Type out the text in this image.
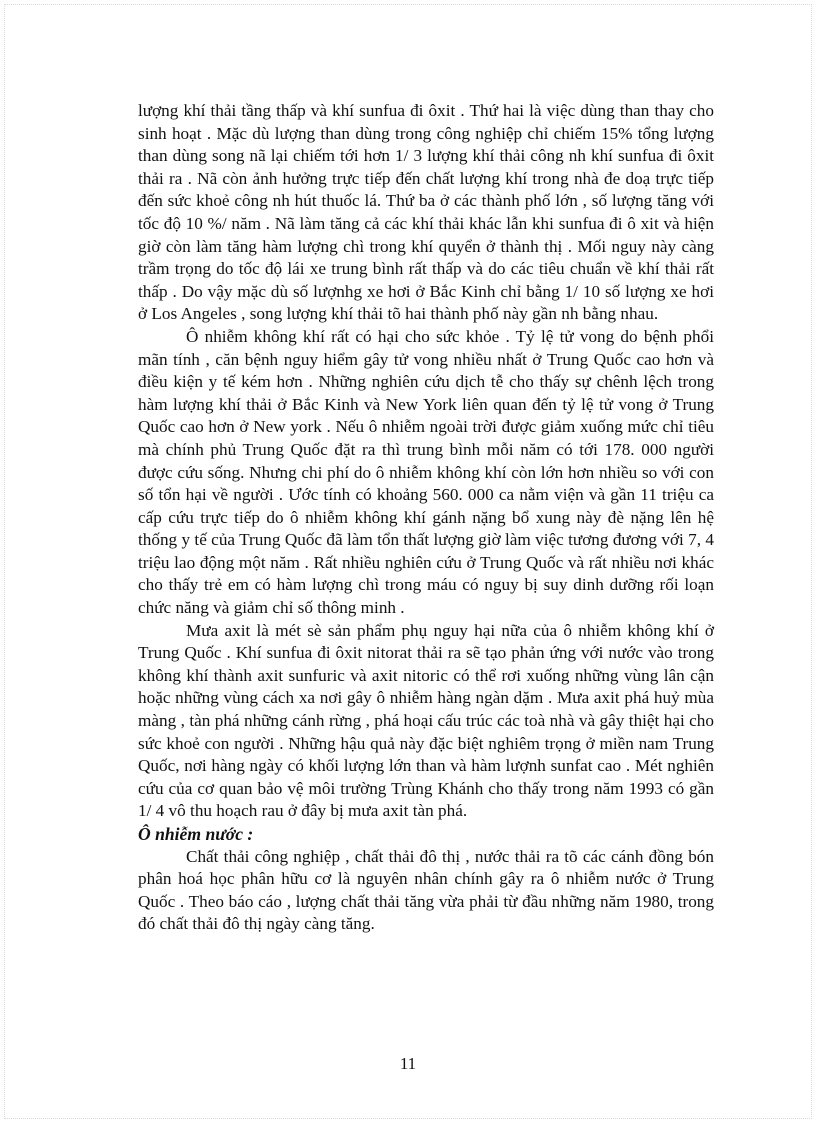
lượng khí thải tầng thấp và khí sunfua đi ôxit . Thứ hai là việc dùng than thay cho sinh hoạt . Mặc dù lượng than dùng trong công nghiệp chỉ chiếm 15% tổng lượng than dùng song nã lại chiếm tới hơn 1/ 3 lượng khí thải công nh khí sunfua đi ôxit thải ra . Nã còn ảnh hưởng trực tiếp đến chất lượng khí trong nhà đe doạ trực tiếp đến sức khoẻ công nh hút thuốc lá. Thứ ba ở các thành phố lớn , số lượng tăng với tốc độ 10 %/ năm . Nã làm tăng cả các khí thải khác lẫn khi sunfua đi ô xit và hiện giờ còn làm tăng hàm lượng chì trong khí quyển ở thành thị . Mối nguy này càng trầm trọng do tốc độ lái xe trung bình rất thấp và do các tiêu chuẩn về khí thải rất thấp . Do vậy mặc dù số lượnhg xe hơi ở Bắc Kinh chỉ bằng 1/ 10 số lượng xe hơi ở Los Angeles , song lượng khí thải tõ hai thành phố này gần nh bằng nhau.

Ô nhiễm không khí rất có hại cho sức khỏe . Tỷ lệ tử vong do bệnh phổi mãn tính , căn bệnh nguy hiểm gây tử vong nhiều nhất ở Trung Quốc cao hơn và điều kiện y tế kém hơn . Những nghiên cứu dịch tễ cho thấy sự chênh lệch trong hàm lượng khí thải ở Bắc Kinh và New York liên quan đến tỷ lệ tử vong ở Trung Quốc cao hơn ở New york . Nếu ô nhiễm ngoài trời được giảm xuống mức chỉ tiêu mà chính phủ Trung Quốc đặt ra thì trung bình mỗi năm có tới 178. 000 người được cứu sống. Nhưng chi phí do ô nhiễm không khí còn lớn hơn nhiều so với con số tổn hại về người . Ước tính có khoảng 560. 000 ca nằm viện và gần 11 triệu ca cấp cứu trực tiếp do ô nhiễm không khí gánh nặng bổ xung này đè nặng lên hệ thống y tế của Trung Quốc đã làm tổn thất lượng giờ làm việc tương đương với 7, 4 triệu lao động một năm . Rất nhiều nghiên cứu ở Trung Quốc và rất nhiều nơi khác cho thấy trẻ em có hàm lượng chì trong máu có nguy bị suy dinh dưỡng rối loạn chức năng và giảm chỉ số thông minh .

Mưa axit là mét sè sản phẩm phụ nguy hại nữa của ô nhiễm không khí ở Trung Quốc . Khí sunfua đi ôxit nitorat thải ra sẽ tạo phản ứng với nước vào trong không khí thành axit sunfuric và axit nitoric có thể rơi xuống những vùng lân cận hoặc những vùng cách xa nơi gây ô nhiễm hàng ngàn dặm . Mưa axit phá huỷ mùa màng , tàn phá những cánh rừng , phá hoại cấu trúc các toà nhà và gây thiệt hại cho sức khoẻ con người . Những hậu quả này đặc biệt nghiêm trọng ở miền nam Trung Quốc, nơi hàng ngày có khối lượng lớn than và hàm lượnh sunfat cao . Mét nghiên cứu của cơ quan bảo vệ môi trường Trùng Khánh cho thấy trong năm 1993 có gần 1/ 4 vô thu hoạch rau ở đây bị mưa axit tàn phá.

Ô nhiễm nước :

Chất thải công nghiệp , chất thải đô thị , nước thải ra tõ các cánh đồng bón phân hoá học phân hữu cơ là nguyên nhân chính gây ra ô nhiễm nước ở Trung Quốc . Theo báo cáo , lượng chất thải tăng vừa phải từ đầu những năm 1980, trong đó chất thải đô thị ngày càng tăng.

11
